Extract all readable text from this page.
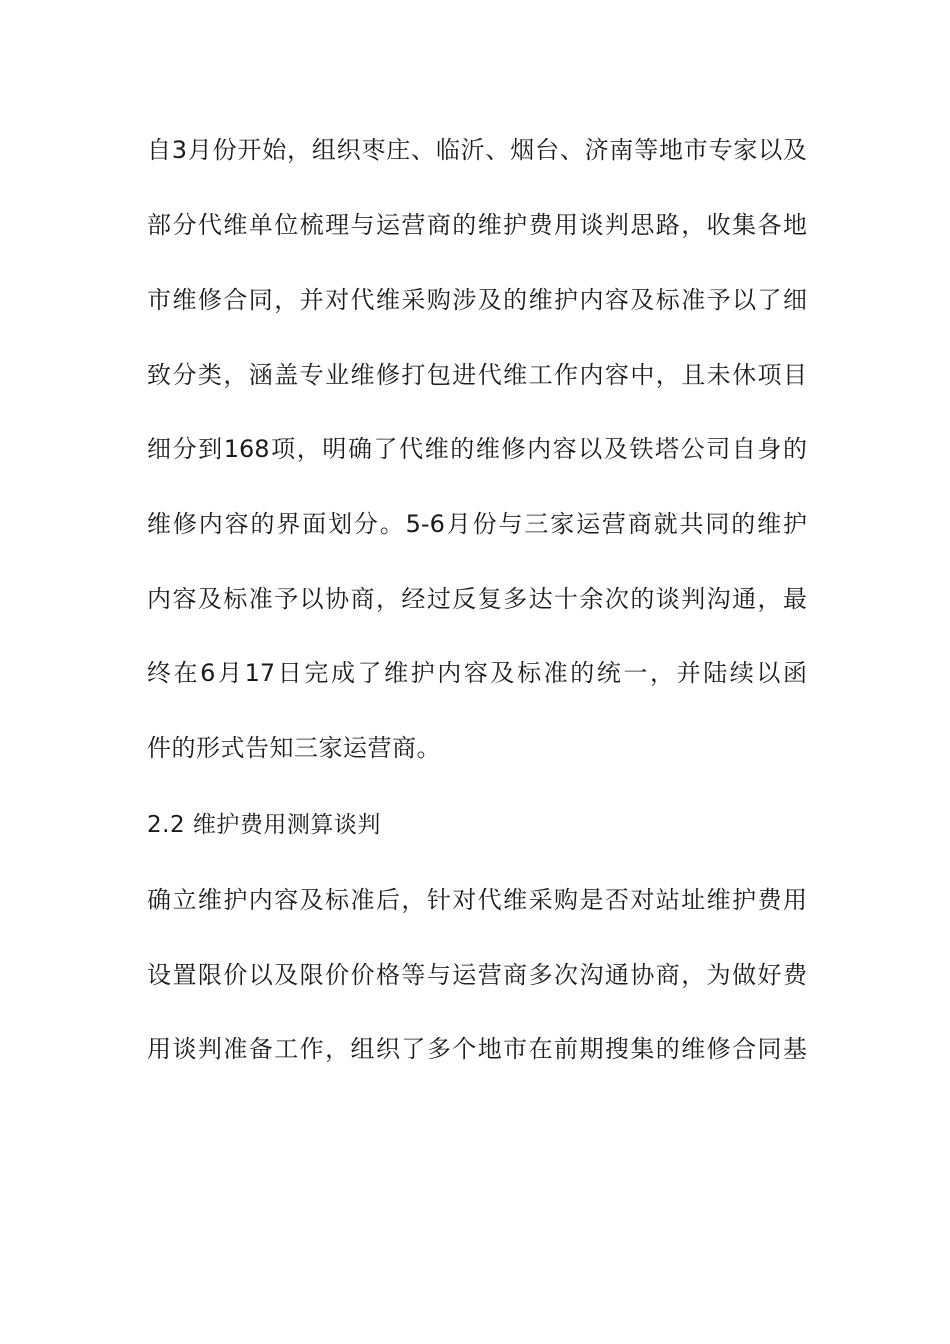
自3月份开始，组织枣庄、临沂、烟台、济南等地市专家以及
部分代维单位梳理与运营商的维护费用谈判思路，收集各地
市维修合同，并对代维采购涉及的维护内容及标准予以了细
致分类，涵盖专业维修打包进代维工作内容中，且未休项目
细分到168项，明确了代维的维修内容以及铁塔公司自身的
维修内容的界面划分。5-6月份与三家运营商就共同的维护
内容及标准予以协商，经过反复多达十余次的谈判沟通，最
终在6月17日完成了维护内容及标准的统一，并陆续以函
件的形式告知三家运营商。
2.2 维护费用测算谈判
确立维护内容及标准后，针对代维采购是否对站址维护费用
设置限价以及限价价格等与运营商多次沟通协商，为做好费
用谈判准备工作，组织了多个地市在前期搜集的维修合同基
